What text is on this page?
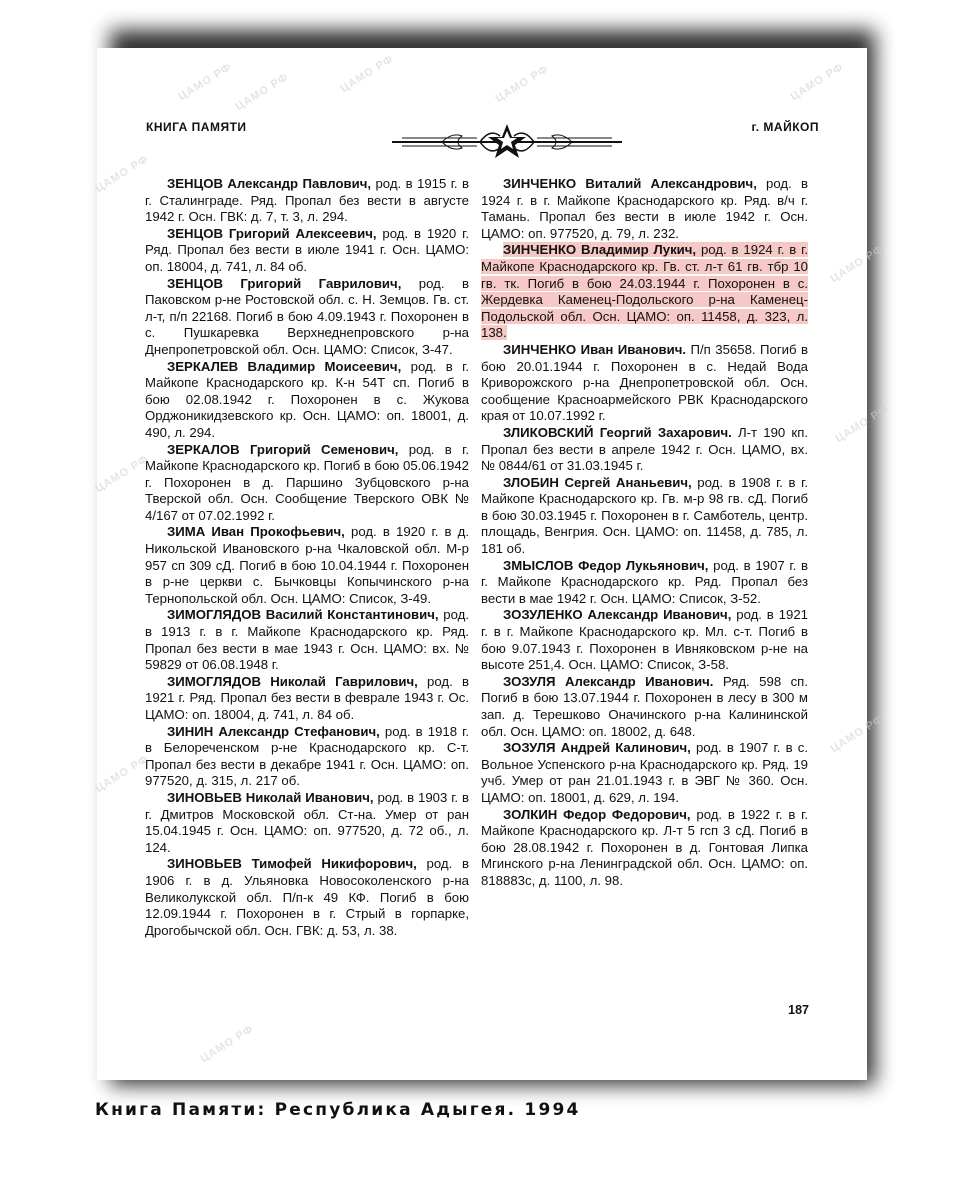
КНИГА ПАМЯТИ	г. МАЙКОП

ЗЕНЦОВ Александр Павлович, род. в 1915 г. в г. Сталинграде. Ряд. Пропал без вести в августе 1942 г. Осн. ГВК: д. 7, т. 3, л. 294.

ЗЕНЦОВ Григорий Алексеевич, род. в 1920 г. Ряд. Пропал без вести в июле 1941 г. Осн. ЦАМО: оп. 18004, д. 741, л. 84 об.

ЗЕНЦОВ Григорий Гаврилович, род. в Паковском р-не Ростовской обл. с. Н. Земцов. Гв. ст. л-т, п/п 22168. Погиб в бою 4.09.1943 г. Похоронен в с. Пушкаревка Верхнеднепровского р-на Днепропетровской обл. Осн. ЦАМО: Список, З-47.

ЗЕРКАЛЕВ Владимир Моисеевич, род. в г. Майкопе Краснодарского кр. К-н 54Т сп. Погиб в бою 02.08.1942 г. Похоронен в с. Жукова Орджоникидзевского кр. Осн. ЦАМО: оп. 18001, д. 490, л. 294.

ЗЕРКАЛОВ Григорий Семенович, род. в г. Майкопе Краснодарского кр. Погиб в бою 05.06.1942 г. Похоронен в д. Паршино Зубцовского р-на Тверской обл. Осн. Сообщение Тверского ОВК № 4/167 от 07.02.1992 г.

ЗИМА Иван Прокофьевич, род. в 1920 г. в д. Никольской Ивановского р-на Чкаловской обл. М-р 957 сп 309 сД. Погиб в бою 10.04.1944 г. Похоронен в р-не церкви с. Бычковцы Копычинского р-на Тернопольской обл. Осн. ЦАМО: Список, З-49.

ЗИМОГЛЯДОВ Василий Константинович, род. в 1913 г. в г. Майкопе Краснодарского кр. Ряд. Пропал без вести в мае 1943 г. Осн. ЦАМО: вх. № 59829 от 06.08.1948 г.

ЗИМОГЛЯДОВ Николай Гаврилович, род. в 1921 г. Ряд. Пропал без вести в феврале 1943 г. Ос. ЦАМО: оп. 18004, д. 741, л. 84 об.

ЗИНИН Александр Стефанович, род. в 1918 г. в Белореченском р-не Краснодарского кр. С-т. Пропал без вести в декабре 1941 г. Осн. ЦАМО: оп. 977520, д. 315, л. 217 об.

ЗИНОВЬЕВ Николай Иванович, род. в 1903 г. в г. Дмитров Московской обл. Ст-на. Умер от ран 15.04.1945 г. Осн. ЦАМО: оп. 977520, д. 72 об., л. 124.

ЗИНОВЬЕВ Тимофей Никифорович, род. в 1906 г. в д. Ульяновка Новосоколенского р-на Великолукской обл. П/п-к 49 КФ. Погиб в бою 12.09.1944 г. Похоронен в г. Стрый в горпарке, Дрогобычской обл. Осн. ГВК: д. 53, л. 38.

ЗИНЧЕНКО Виталий Александрович, род. в 1924 г. в г. Майкопе Краснодарского кр. Ряд. в/ч г. Тамань. Пропал без вести в июле 1942 г. Осн. ЦАМО: оп. 977520, д. 79, л. 232.

ЗИНЧЕНКО Владимир Лукич, род. в 1924 г. в г. Майкопе Краснодарского кр. Гв. ст. л-т 61 гв. тбр 10 гв. тк. Погиб в бою 24.03.1944 г. Похоронен в с. Жердевка Каменец-Подольского р-на Каменец-Подольской обл. Осн. ЦАМО: оп. 11458, д. 323, л. 138.

ЗИНЧЕНКО Иван Иванович. П/п 35658. Погиб в бою 20.01.1944 г. Похоронен в с. Недай Вода Криворожского р-на Днепропетровской обл. Осн. сообщение Красноармейского РВК Краснодарского края от 10.07.1992 г.

ЗЛИКОВСКИЙ Георгий Захарович. Л-т 190 кп. Пропал без вести в апреле 1942 г. Осн. ЦАМО, вх. № 0844/61 от 31.03.1945 г.

ЗЛОБИН Сергей Ананьевич, род. в 1908 г. в г. Майкопе Краснодарского кр. Гв. м-р 98 гв. сД. Погиб в бою 30.03.1945 г. Похоронен в г. Самботель, центр. площадь, Венгрия. Осн. ЦАМО: оп. 11458, д. 785, л. 181 об.

ЗМЫСЛОВ Федор Лукьянович, род. в 1907 г. в г. Майкопе Краснодарского кр. Ряд. Пропал без вести в мае 1942 г. Осн. ЦАМО: Список, З-52.

ЗОЗУЛЕНКО Александр Иванович, род. в 1921 г. в г. Майкопе Краснодарского кр. Мл. с-т. Погиб в бою 9.07.1943 г. Похоронен в Ивняковском р-не на высоте 251,4. Осн. ЦАМО: Список, З-58.

ЗОЗУЛЯ Александр Иванович. Ряд. 598 сп. Погиб в бою 13.07.1944 г. Похоронен в лесу в 300 м зап. д. Терешково Оначинского р-на Калининской обл. Осн. ЦАМО: оп. 18002, д. 648.

ЗОЗУЛЯ Андрей Калинович, род. в 1907 г. в с. Вольное Успенского р-на Краснодарского кр. Ряд. 19 учб. Умер от ран 21.01.1943 г. в ЭВГ № 360. Осн. ЦАМО: оп. 18001, д. 629, л. 194.

ЗОЛКИН Федор Федорович, род. в 1922 г. в г. Майкопе Краснодарского кр. Л-т 5 гсп 3 сД. Погиб в бою 28.08.1942 г. Похоронен в д. Гонтовая Липка Мгинского р-на Ленинградской обл. Осн. ЦАМО: оп. 818883с, д. 1100, л. 98.

187
ЦАМО РФ ЦАМО РФ	ЦАМО РФ	ЦАМО РФ	ЦАМО РФ
ЦАМО РФ
ЦАМО РФ
ЦАМО РФ
ЦАМО РФ
ЦАМО РФ
ЦАМО РФ
ЦАМО РФ
Книга Памяти: Республика Адыгея. 1994
